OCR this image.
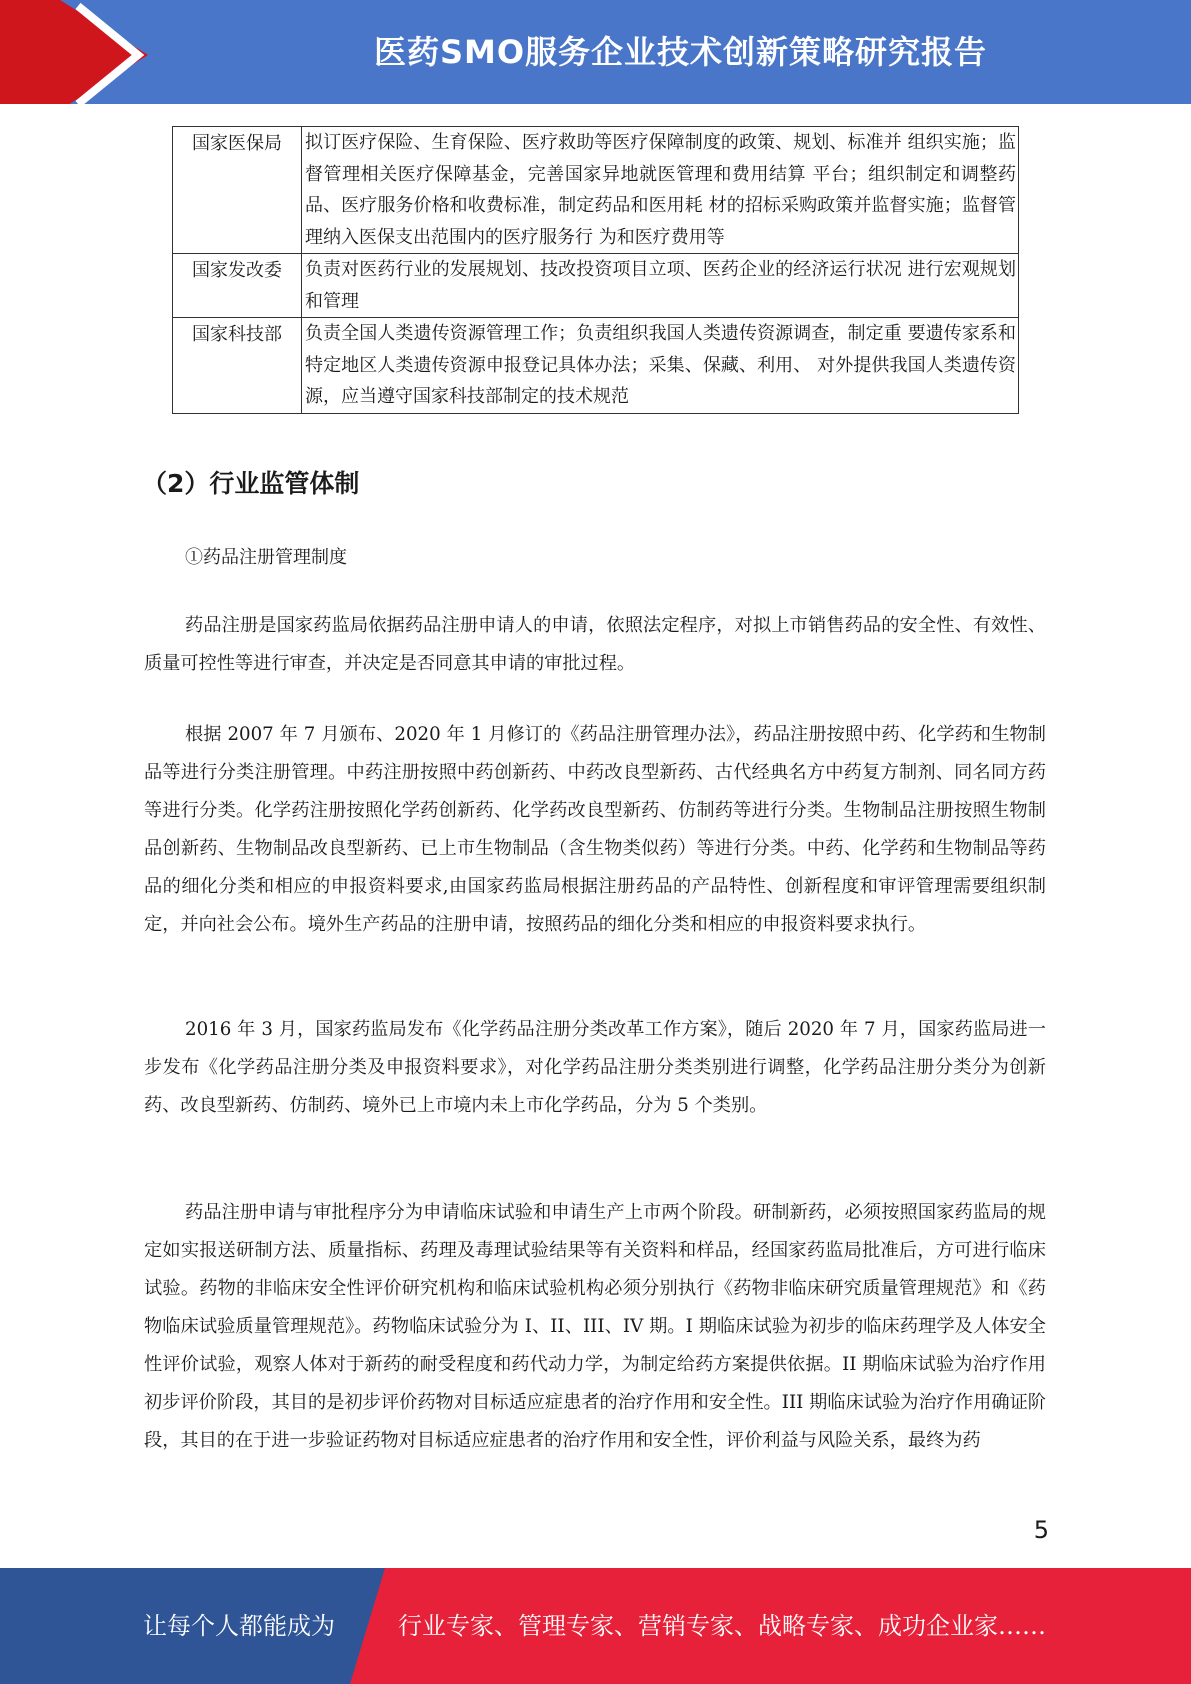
医药SMO服务企业技术创新策略研究报告
国家医保局	拟订医疗保险、生育保险、医疗救助等医疗保障制度的政策、规划、标准并 组织实施；监督管理相关医疗保障基金，完善国家异地就医管理和费用结算 平台；组织制定和调整药品、医疗服务价格和收费标准，制定药品和医用耗 材的招标采购政策并监督实施；监督管理纳入医保支出范围内的医疗服务行 为和医疗费用等
国家发改委	负责对医药行业的发展规划、技改投资项目立项、医药企业的经济运行状况 进行宏观规划和管理
国家科技部	负责全国人类遗传资源管理工作；负责组织我国人类遗传资源调查，制定重 要遗传家系和特定地区人类遗传资源申报登记具体办法；采集、保藏、利用、 对外提供我国人类遗传资源，应当遵守国家科技部制定的技术规范
（2）行业监管体制
①药品注册管理制度

药品注册是国家药监局依据药品注册申请人的申请，依照法定程序，对拟上市销售药品的安全性、有效性、质量可控性等进行审查，并决定是否同意其申请的审批过程。

根据 2007 年 7 月颁布、2020 年 1 月修订的《药品注册管理办法》，药品注册按照中药、化学药和生物制品等进行分类注册管理。中药注册按照中药创新药、中药改良型新药、古代经典名方中药复方制剂、同名同方药等进行分类。化学药注册按照化学药创新药、化学药改良型新药、仿制药等进行分类。生物制品注册按照生物制品创新药、生物制品改良型新药、已上市生物制品（含生物类似药）等进行分类。中药、化学药和生物制品等药品的细化分类和相应的申报资料要求,由国家药监局根据注册药品的产品特性、创新程度和审评管理需要组织制定，并向社会公布。境外生产药品的注册申请，按照药品的细化分类和相应的申报资料要求执行。

2016 年 3 月，国家药监局发布《化学药品注册分类改革工作方案》，随后 2020 年 7 月，国家药监局进一步发布《化学药品注册分类及申报资料要求》，对化学药品注册分类类别进行调整，化学药品注册分类分为创新药、改良型新药、仿制药、境外已上市境内未上市化学药品，分为 5 个类别。

药品注册申请与审批程序分为申请临床试验和申请生产上市两个阶段。研制新药，必须按照国家药监局的规定如实报送研制方法、质量指标、药理及毒理试验结果等有关资料和样品，经国家药监局批准后，方可进行临床试验。药物的非临床安全性评价研究机构和临床试验机构必须分别执行《药物非临床研究质量管理规范》和《药物临床试验质量管理规范》。药物临床试验分为 I、II、III、IV 期。I 期临床试验为初步的临床药理学及人体安全性评价试验，观察人体对于新药的耐受程度和药代动力学，为制定给药方案提供依据。II 期临床试验为治疗作用初步评价阶段，其目的是初步评价药物对目标适应症患者的治疗作用和安全性。III 期临床试验为治疗作用确证阶段，其目的在于进一步验证药物对目标适应症患者的治疗作用和安全性，评价利益与风险关系，最终为药

5
让每个人都能成为	行业专家、管理专家、营销专家、战略专家、成功企业家……
